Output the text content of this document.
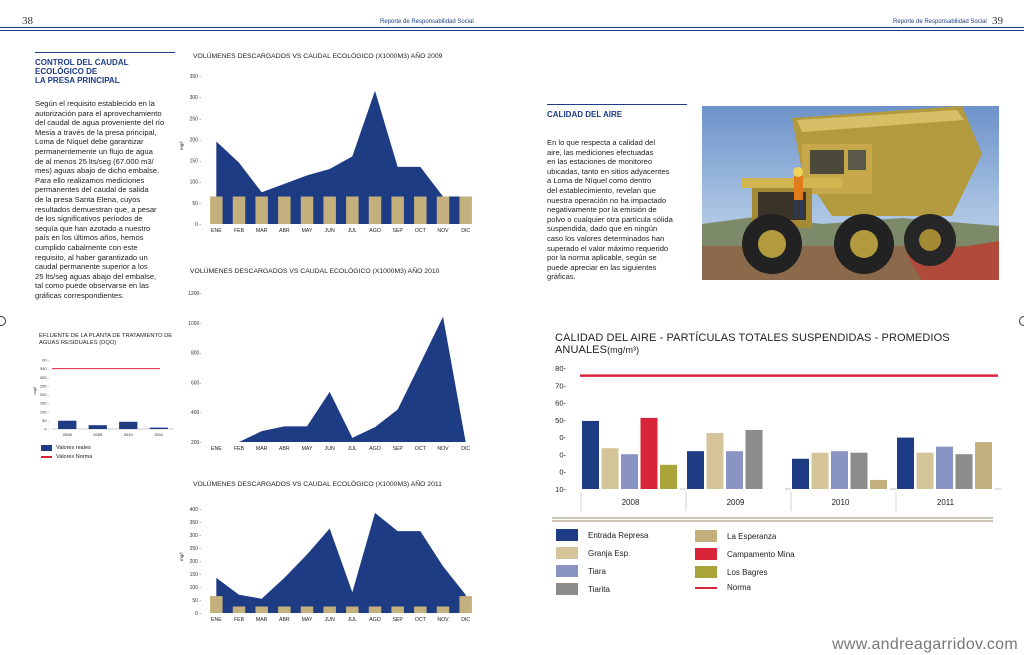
38	Reporte de Responsabilidad Social	Reporte de Responsabilidad Social 39
CONTROL DEL CAUDAL
ECOLÓGICO DE
LA PRESA PRINCIPAL
Según el requisito establecido en la
autorización para el aprovechamiento
del caudal de agua proveniente del río
Mesia a través de la presa principal,
Loma de Níquel debe garantizar
permanentemente un flujo de agua
de al menos 25 lts/seg (67.000 m3/
mes) aguas abajo de dicho embalse.
Para ello realizamos mediciones
permanentes del caudal de salida
de la presa Santa Elena, cuyos
resultados demuestran que, a pesar
de los significativos períodos de
sequía que han azotado a nuestro
país en los últimos años, hemos
cumplido cabalmente con este
requisito, al haber garantizado un
caudal permanente superior a los
25 lts/seg aguas abajo del embalse,
tal como puede observarse en las
gráficas correspondientes.
VOLÚMENES DESCARGADOS VS CAUDAL ECOLÓGICO (X1000M3) AÑO 2009
VOLÚMENES DESCARGADOS VS CAUDAL ECOLÓGICO (X1000M3) AÑO 2010
VOLÚMENES DESCARGADOS VS CAUDAL ECOLÓGICO (X1000M3) AÑO 2011
350 -
300 -
250 -
200 -
150 -
100 -
50 -
0 -
mg/l
ENE FEB MAR ABR MAY JUN	JUL AGO SEP OCT NOV DIC
1200-
1000-
800-
600-
400-
200-
ENE FEB MAR ABR MAY JUN	JUL AGO SEP OCT NOV DIC
400 -
350 -
300 -
250 -
200 -
150 -
100 -
50 -
0 -
mg/l
ENE FEB MAR ABR MAY JUN	JUL AGO SEP OCT NOV DIC
EFLUENTE DE LA PLANTA DE TRATAMIENTO DE
AGUAS RESIDUALES (DQO)
00 -
350 -
300 -
250 -
200 -
150 -
100 -
50 -
0 -
mg/l
2008	2009	2010	2011
Valores reales
Valores Norma
CALIDAD DEL AIRE
En lo que respecta a calidad del
aire, las mediciones efectuadas
en las estaciones de monitoreo
ubicadas, tanto en sitios adyacentes
a Loma de Níquel como dentro
del establecimiento, revelan que
nuestra operación no ha impactado
negativamente por la emisión de
polvo o cualquier otra partícula sólida
suspendida, dado que en ningún
caso los valores determinados han
superado el valor máximo requerido
por la norma aplicable, según se
puede apreciar en las siguientes
gráficas.
CALIDAD DEL AIRE - PARTÍCULAS TOTALES SUSPENDIDAS - PROMEDIOS ANUALES(mg/m³)
80-
70-
60-
50-
0-
0-
0-
10-
2008	2009	2010	2011
Entrada Represa
Granja Esp.
Tiara
Tiarita
La Esperanza
Campamento Mina
Los Bagres
Norma
www.andreagarridov.com
